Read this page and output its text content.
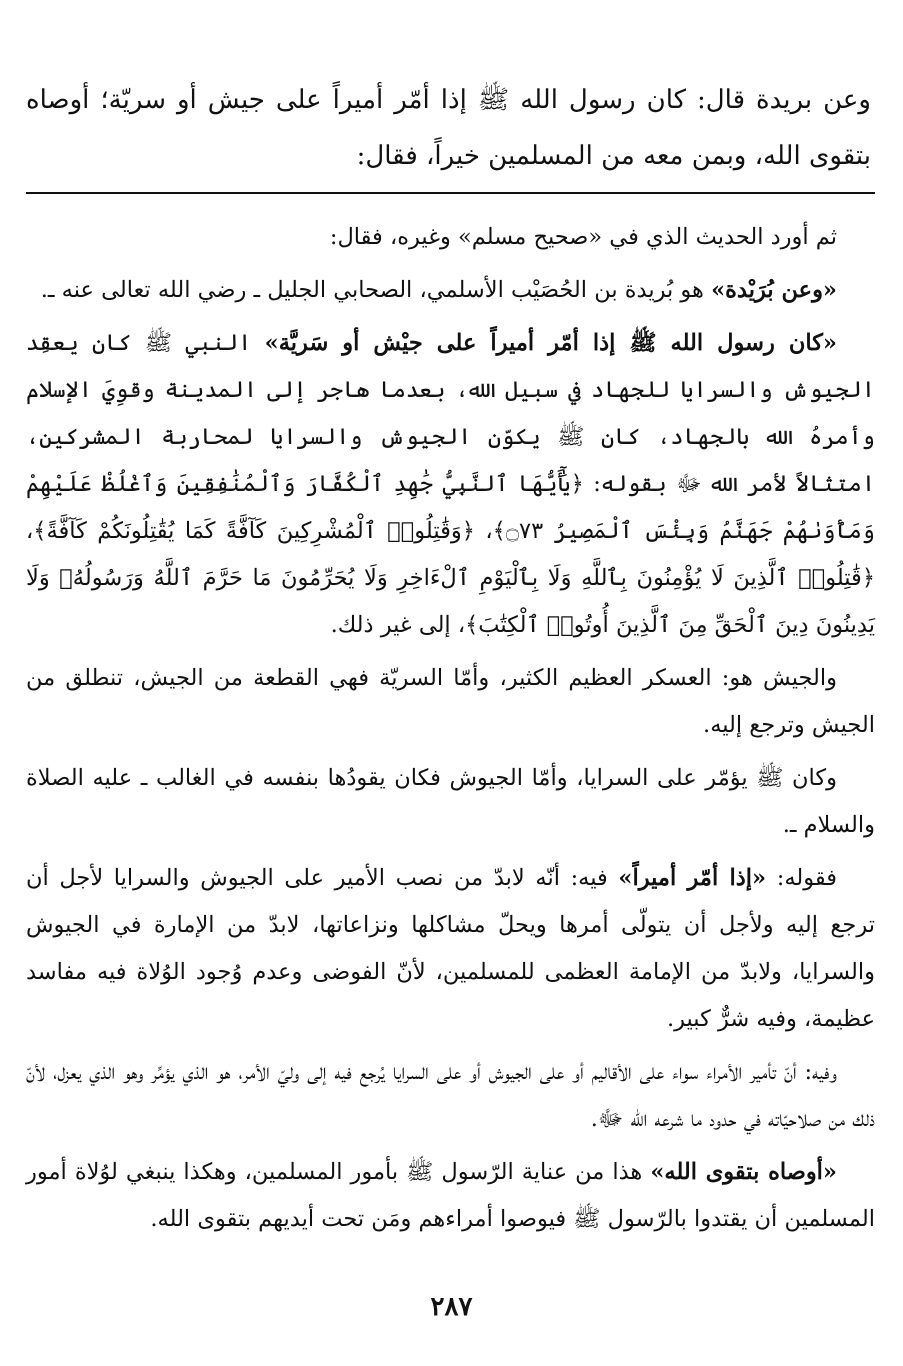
وعن بريدة قال: كان رسول الله ﷺ إذا أمّر أميراً على جيش أو سريّة؛ أوصاه بتقوى الله، وبمن معه من المسلمين خيراً، فقال:

ثم أورد الحديث الذي في «صحيح مسلم» وغيره، فقال:

«وعن بُرَيْدة» هو بُريدة بن الحُصَيْب الأسلمي، الصحابي الجليل ـ رضي الله تعالى عنه ـ.

«كان رسول الله ﷺ إذا أمّر أميراً على جيْش أو سَريَّة» النبي ﷺ كان يعقِد الجيوش والسرايا للجهاد في سبيل الله، بعدما هاجر إلى المدينة وقوِيَ الإسلام وأمرهُ الله بالجهاد، كان ﷺ يكوّن الجيوش والسرايا لمحاربة المشركين، امتثالاً لأمر الله ﷻ بقوله: ﴿يَٰٓأَيُّهَا ٱلنَّبِيُّ جَٰهِدِ ٱلْكُفَّارَ وَٱلْمُنَٰفِقِينَ وَٱغْلُظْ عَلَيْهِمْ وَمَأْوَىٰهُمْ جَهَنَّمُ وَبِئْسَ ٱلْمَصِيرُ ۝٧٣﴾، ﴿وَقَٰتِلُوا۟ ٱلْمُشْرِكِينَ كَآفَّةً كَمَا يُقَٰتِلُونَكُمْ كَآفَّةً﴾، ﴿قَٰتِلُوا۟ ٱلَّذِينَ لَا يُؤْمِنُونَ بِٱللَّهِ وَلَا بِٱلْيَوْمِ ٱلْءَاخِرِ وَلَا يُحَرِّمُونَ مَا حَرَّمَ ٱللَّهُ وَرَسُولُهُۥ وَلَا يَدِينُونَ دِينَ ٱلْحَقِّ مِنَ ٱلَّذِينَ أُوتُوا۟ ٱلْكِتَٰبَ﴾، إلى غير ذلك.

والجيش هو: العسكر العظيم الكثير، وأمّا السريّة فهي القطعة من الجيش، تنطلق من الجيش وترجع إليه.

وكان ﷺ يؤمّر على السرايا، وأمّا الجيوش فكان يقودُها بنفسه في الغالب ـ عليه الصلاة والسلام ـ.

فقوله: «إذا أمّر أميراً» فيه: أنّه لابدّ من نصب الأمير على الجيوش والسرايا لأجل أن ترجع إليه ولأجل أن يتولّى أمرها ويحلّ مشاكلها ونزاعاتها، لابدّ من الإمارة في الجيوش والسرايا، ولابدّ من الإمامة العظمى للمسلمين، لأنّ الفوضى وعدم وُجود الوُلاة فيه مفاسد عظيمة، وفيه شرٌّ كبير.

وفيه: أنّ تأمير الأمراء سواء على الأقاليم أو على الجيوش أو على السرايا يُرجع فيه إلى وليّ الأمر، هو الذي يؤمِّر وهو الذي يعزل، لأنّ ذلك من صلاحيّاته في حدود ما شرعه الله ﷻ.

«أوصاه بتقوى الله» هذا من عناية الرّسول ﷺ بأمور المسلمين، وهكذا ينبغي لوُلاة أمور المسلمين أن يقتدوا بالرّسول ﷺ فيوصوا أمراءهم ومَن تحت أيديهم بتقوى الله.

٢٨٧
